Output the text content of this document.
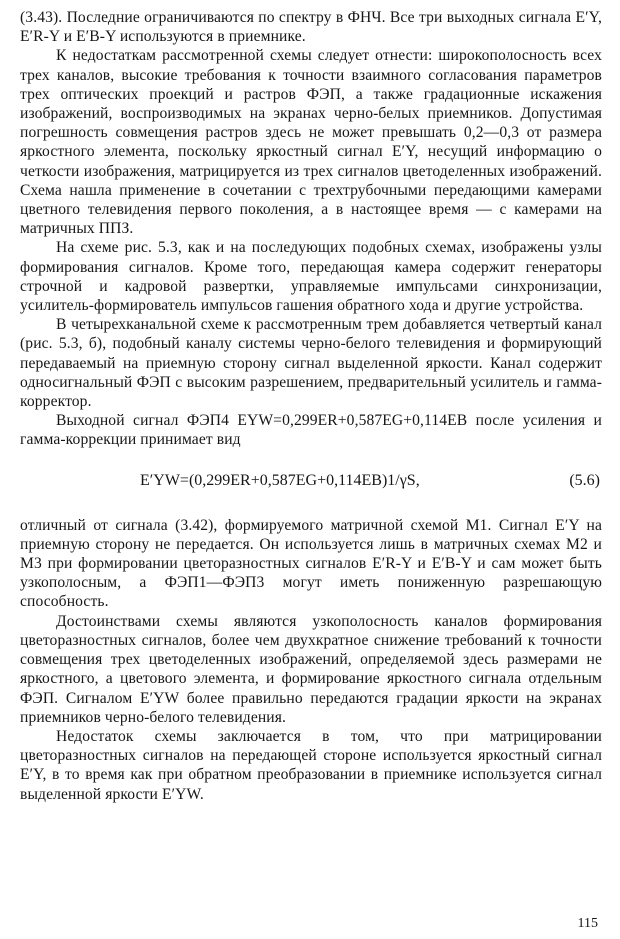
(3.43). Последние ограничиваются по спектру в ФНЧ. Все три выходных сигнала E′Y, E′R-Y и E′B-Y используются в приемнике.

К недостаткам рассмотренной схемы следует отнести: широкополосность всех трех каналов, высокие требования к точности взаимного согласования параметров трех оптических проекций и растров ФЭП, а также градационные искажения изображений, воспроизводимых на экранах черно-белых приемников. Допустимая погрешность совмещения растров здесь не может превышать 0,2—0,3 от размера яркостного элемента, поскольку яркостный сигнал E′Y, несущий информацию о четкости изображения, матрицируется из трех сигналов цветоделенных изображений. Схема нашла применение в сочетании с трехтрубочными передающими камерами цветного телевидения первого поколения, а в настоящее время — с камерами на матричных ППЗ.

На схеме рис. 5.3, как и на последующих подобных схемах, изображены узлы формирования сигналов. Кроме того, передающая камера содержит генераторы строчной и кадровой развертки, управляемые импульсами синхронизации, усилитель-формирователь импульсов гашения обратного хода и другие устройства.

В четырехканальной схеме к рассмотренным трем добавляется четвертый канал (рис. 5.3, б), подобный каналу системы черно-белого телевидения и формирующий передаваемый на приемную сторону сигнал выделенной яркости. Канал содержит односигнальный ФЭП с высоким разрешением, предварительный усилитель и гамма-корректор.

Выходной сигнал ФЭП4 EYW=0,299ER+0,587EG+0,114EB после усиления и гамма-коррекции принимает вид

E′YW=(0,299ER+0,587EG+0,114EB)1/γS,	(5.6)

отличный от сигнала (3.42), формируемого матричной схемой M1. Сигнал E′Y на приемную сторону не передается. Он используется лишь в матричных схемах M2 и M3 при формировании цветоразностных сигналов E′R-Y и E′B-Y и сам может быть узкополосным, а ФЭП1—ФЭП3 могут иметь пониженную разрешающую способность.

Достоинствами схемы являются узкополосность каналов формирования цветоразностных сигналов, более чем двухкратное снижение требований к точности совмещения трех цветоделенных изображений, определяемой здесь размерами не яркостного, а цветового элемента, и формирование яркостного сигнала отдельным ФЭП. Сигналом E′YW более правильно передаются градации яркости на экранах приемников черно-белого телевидения.

Недостаток схемы заключается в том, что при матрицировании цветоразностных сигналов на передающей стороне используется яркостный сигнал E′Y, в то время как при обратном преобразовании в приемнике используется сигнал выделенной яркости E′YW.

115
